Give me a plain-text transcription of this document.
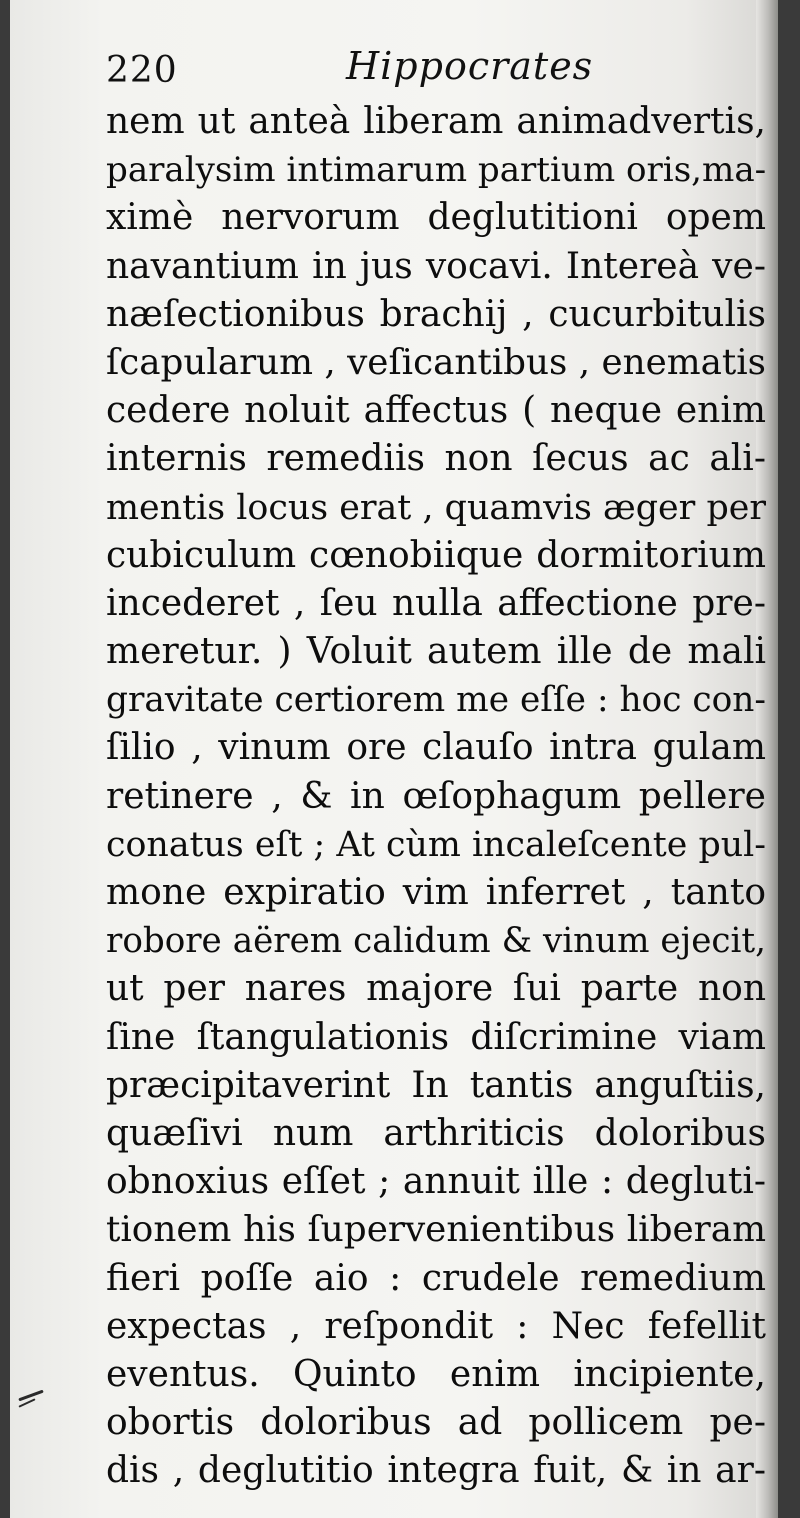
220	Hippocrates
nem ut anteà liberam animadvertis,
paralysim intimarum partium oris,ma-
ximè nervorum deglutitioni opem
navantium in jus vocavi. Intereà ve-
næſectionibus brachij , cucurbitulis
ſcapularum , veſicantibus , enematis
cedere noluit affectus ( neque enim
internis remediis non ſecus ac ali-
mentis locus erat , quamvis æger per
cubiculum cœnobiique dormitorium
incederet , ſeu nulla affectione pre-
meretur. ) Voluit autem ille de mali
gravitate certiorem me eſſe : hoc con-
ſilio , vinum ore clauſo intra gulam
retinere , & in œſophagum pellere
conatus eſt ; At cùm incaleſcente pul-
mone expiratio vim inferret , tanto
robore aërem calidum & vinum ejecit,
ut per nares majore ſui parte non
ſine ſtangulationis diſcrimine viam
præcipitaverint In tantis anguſtiis,
quæſivi num arthriticis doloribus
obnoxius eſſet ; annuit ille : degluti-
tionem his ſupervenientibus liberam
fieri poſſe aio : crudele remedium
expectas , reſpondit : Nec fefellit
eventus. Quinto enim incipiente,
obortis doloribus ad pollicem pe-
dis , deglutitio integra fuit, & in ar-
